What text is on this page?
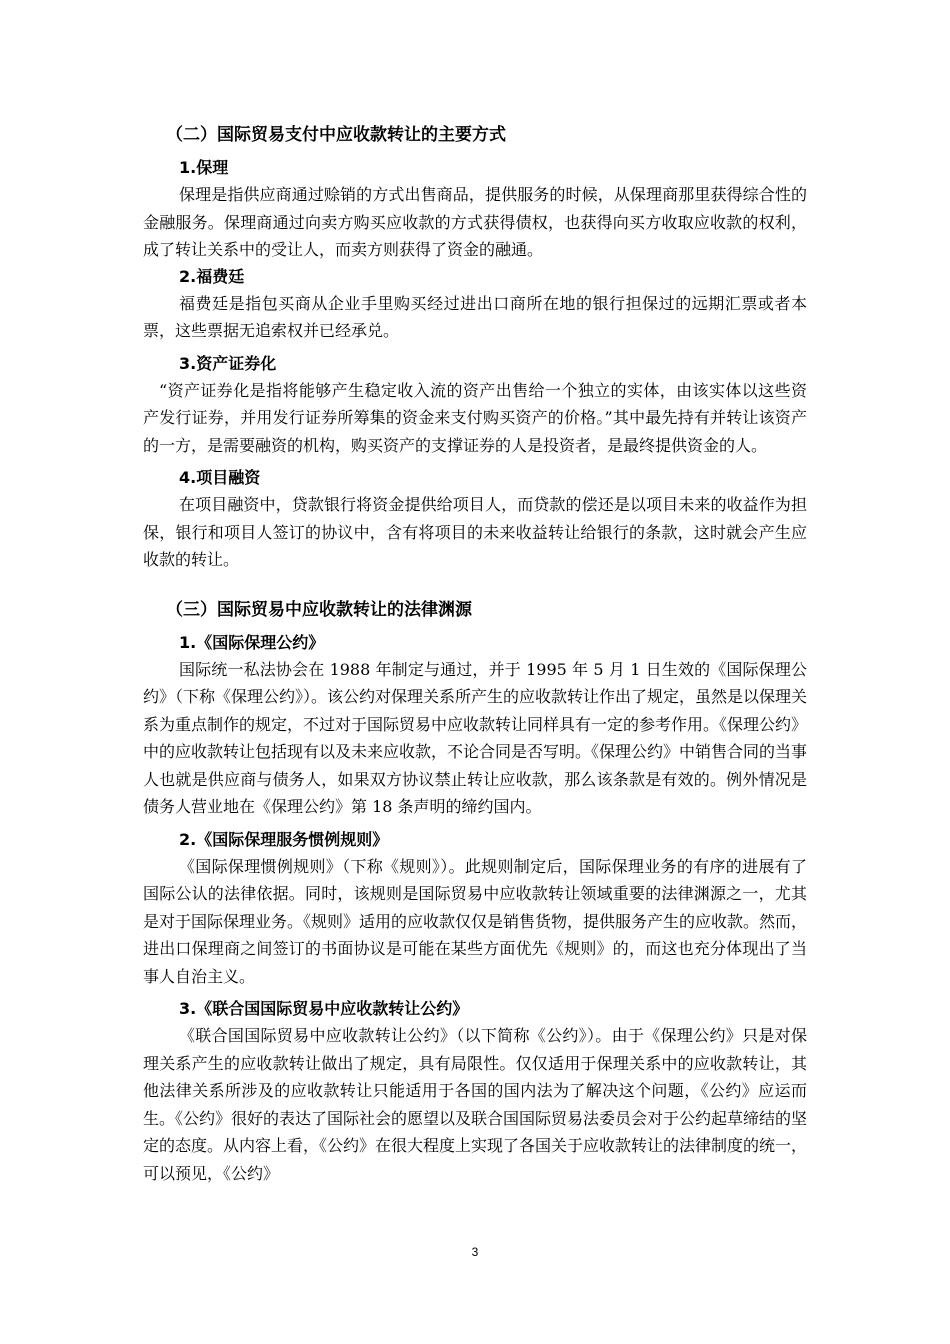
（二）国际贸易支付中应收款转让的主要方式
1.保理

保理是指供应商通过赊销的方式出售商品，提供服务的时候，从保理商那里获得综合性的金融服务。保理商通过向卖方购买应收款的方式获得债权，也获得向买方收取应收款的权利，成了转让关系中的受让人，而卖方则获得了资金的融通。

2.福费廷

福费廷是指包买商从企业手里购买经过进出口商所在地的银行担保过的远期汇票或者本票，这些票据无追索权并已经承兑。

3.资产证券化

“资产证券化是指将能够产生稳定收入流的资产出售给一个独立的实体，由该实体以这些资产发行证券，并用发行证券所筹集的资金来支付购买资产的价格。”其中最先持有并转让该资产的一方，是需要融资的机构，购买资产的支撑证券的人是投资者，是最终提供资金的人。

4.项目融资

在项目融资中，贷款银行将资金提供给项目人，而贷款的偿还是以项目未来的收益作为担保，银行和项目人签订的协议中，含有将项目的未来收益转让给银行的条款，这时就会产生应收款的转让。

（三）国际贸易中应收款转让的法律渊源
1.《国际保理公约》

国际统一私法协会在 1988 年制定与通过，并于 1995 年 5 月 1 日生效的《国际保理公约》（下称《保理公约》）。该公约对保理关系所产生的应收款转让作出了规定，虽然是以保理关系为重点制作的规定，不过对于国际贸易中应收款转让同样具有一定的参考作用。《保理公约》中的应收款转让包括现有以及未来应收款，不论合同是否写明。《保理公约》中销售合同的当事人也就是供应商与债务人，如果双方协议禁止转让应收款，那么该条款是有效的。例外情况是债务人营业地在《保理公约》第 18 条声明的缔约国内。

2.《国际保理服务惯例规则》

《国际保理惯例规则》（下称《规则》）。此规则制定后，国际保理业务的有序的进展有了国际公认的法律依据。同时，该规则是国际贸易中应收款转让领域重要的法律渊源之一，尤其是对于国际保理业务。《规则》适用的应收款仅仅是销售货物，提供服务产生的应收款。然而，进出口保理商之间签订的书面协议是可能在某些方面优先《规则》的，而这也充分体现出了当事人自治主义。

3.《联合国国际贸易中应收款转让公约》

《联合国国际贸易中应收款转让公约》（以下简称《公约》）。由于《保理公约》只是对保理关系产生的应收款转让做出了规定，具有局限性。仅仅适用于保理关系中的应收款转让，其他法律关系所涉及的应收款转让只能适用于各国的国内法为了解决这个问题，《公约》应运而生。《公约》很好的表达了国际社会的愿望以及联合国国际贸易法委员会对于公约起草缔结的坚定的态度。从内容上看，《公约》在很大程度上实现了各国关于应收款转让的法律制度的统一，可以预见，《公约》

3
